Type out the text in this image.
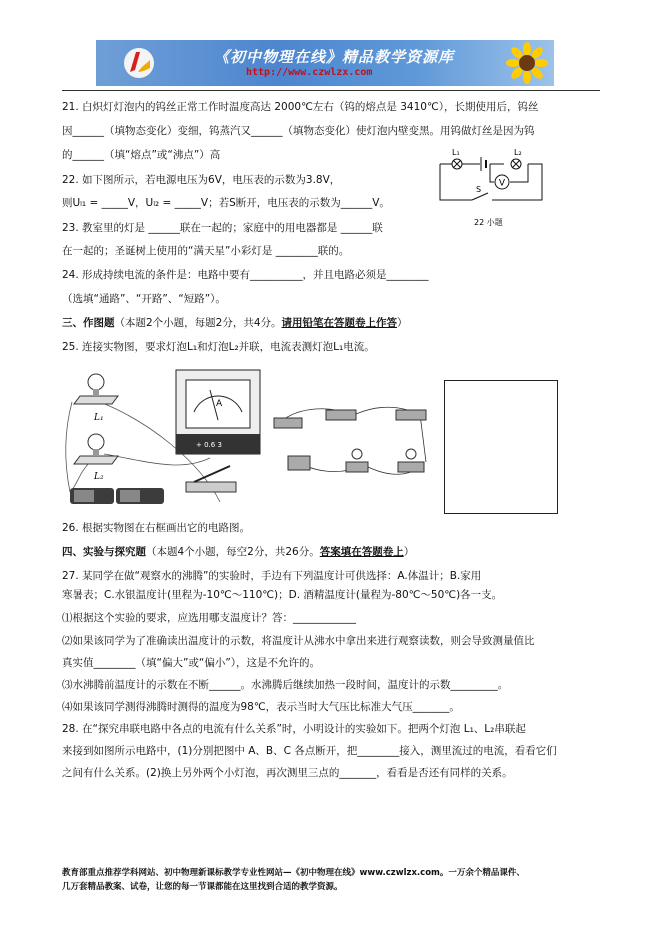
《初中物理在线》精品教学资源库
http://www.czwlzx.com
21. 白炽灯灯泡内的钨丝正常工作时温度高达 2000℃左右（钨的熔点是 3410℃），长期使用后，钨丝
因______（填物态变化）变细，钨蒸汽又______（填物态变化）使灯泡内壁变黑。用钨做灯丝是因为钨
的______（填“熔点”或“沸点”）高
22. 如下图所示，若电源电压为6V，电压表的示数为3.8V，
则Uₗ₁ = _____V，Uₗ₂ = _____V；若S断开，电压表的示数为______V。
V
L₁	L₂
S
22 小题
23. 教室里的灯是 ______联在一起的；家庭中的用电器都是 ______联
在一起的；圣诞树上使用的“满天星”小彩灯是 ________联的。
24. 形成持续电流的条件是：电路中要有__________，并且电路必须是________
（选填“通路”、“开路”、“短路”）。
三、作图题（本题2个小题，每题2分，共4分。请用铅笔在答题卷上作答）
25. 连接实物图，要求灯泡L₁和灯泡L₂并联，电流表测灯泡L₁电流。
L₁
L₂
A
+ 0.6 3
26. 根据实物图在右框画出它的电路图。
四、实验与探究题（本题4个小题，每空2分，共26分。答案填在答题卷上）
27. 某同学在做“观察水的沸腾”的实验时，手边有下列温度计可供选择：A.体温计；B.家用
寒暑表；C.水银温度计(里程为-10℃～110℃)；D. 酒精温度计(量程为-80℃～50℃)各一支。
⑴根据这个实验的要求，应选用哪支温度计？答：____________
⑵如果该同学为了准确读出温度计的示数，将温度计从沸水中拿出来进行观察读数，则会导致测量值比
真实值________（填“偏大”或“偏小”），这是不允许的。
⑶水沸腾前温度计的示数在不断______。水沸腾后继续加热一段时间，温度计的示数_________。
⑷如果该同学测得沸腾时测得的温度为98℃，表示当时大气压比标准大气压_______。
28. 在“探究串联电路中各点的电流有什么关系”时，小明设计的实验如下。把两个灯泡 L₁、L₂串联起
来接到如图所示电路中，(1)分别把图中 A、B、C 各点断开，把________接入，测里流过的电流，看看它们
之间有什么关系。(2)换上另外两个小灯泡，再次测里三点的_______，看看是否还有同样的关系。
教育部重点推荐学科网站、初中物理新课标教学专业性网站—《初中物理在线》www.czwlzx.com。一万余个精品课件、
几万套精品教案、试卷，让您的每一节课都能在这里找到合适的教学资源。
